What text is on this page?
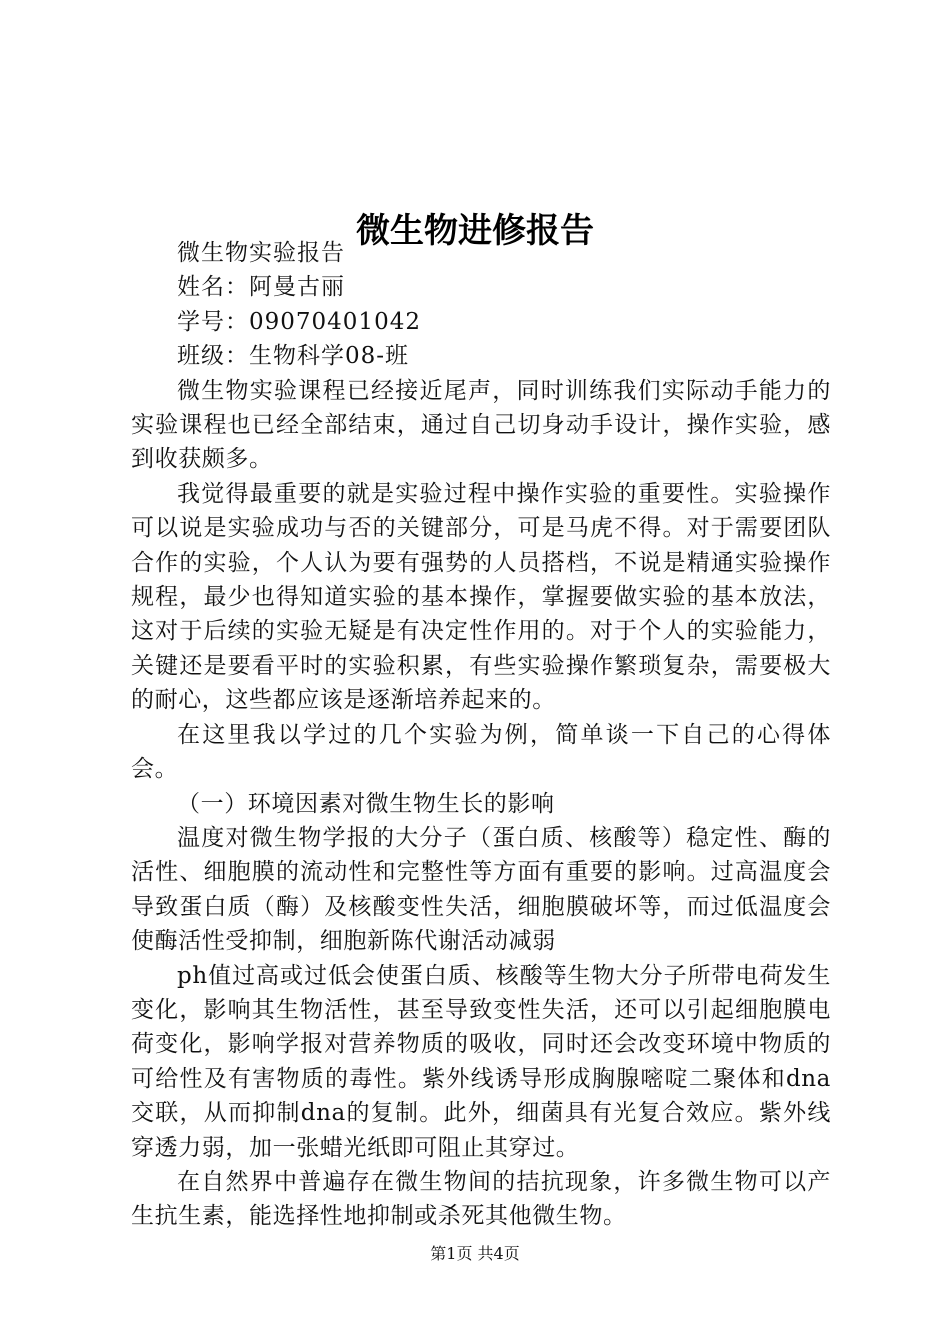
微生物进修报告

微生物实验报告

姓名：阿曼古丽

学号：09070401042

班级：生物科学08-班

微生物实验课程已经接近尾声，同时训练我们实际动手能力的实验课程也已经全部结束，通过自己切身动手设计，操作实验，感到收获颇多。

我觉得最重要的就是实验过程中操作实验的重要性。实验操作可以说是实验成功与否的关键部分，可是马虎不得。对于需要团队合作的实验，个人认为要有强势的人员搭档，不说是精通实验操作规程，最少也得知道实验的基本操作，掌握要做实验的基本放法，这对于后续的实验无疑是有决定性作用的。对于个人的实验能力，关键还是要看平时的实验积累，有些实验操作繁琐复杂，需要极大的耐心，这些都应该是逐渐培养起来的。

在这里我以学过的几个实验为例，简单谈一下自己的心得体会。

（一）环境因素对微生物生长的影响

温度对微生物学报的大分子（蛋白质、核酸等）稳定性、酶的活性、细胞膜的流动性和完整性等方面有重要的影响。过高温度会导致蛋白质（酶）及核酸变性失活，细胞膜破坏等，而过低温度会使酶活性受抑制，细胞新陈代谢活动减弱

ph值过高或过低会使蛋白质、核酸等生物大分子所带电荷发生变化，影响其生物活性，甚至导致变性失活，还可以引起细胞膜电荷变化，影响学报对营养物质的吸收，同时还会改变环境中物质的可给性及有害物质的毒性。紫外线诱导形成胸腺嘧啶二聚体和dna交联，从而抑制dna的复制。此外，细菌具有光复合效应。紫外线穿透力弱，加一张蜡光纸即可阻止其穿过。

在自然界中普遍存在微生物间的拮抗现象，许多微生物可以产生抗生素，能选择性地抑制或杀死其他微生物。

第1页 共4页
